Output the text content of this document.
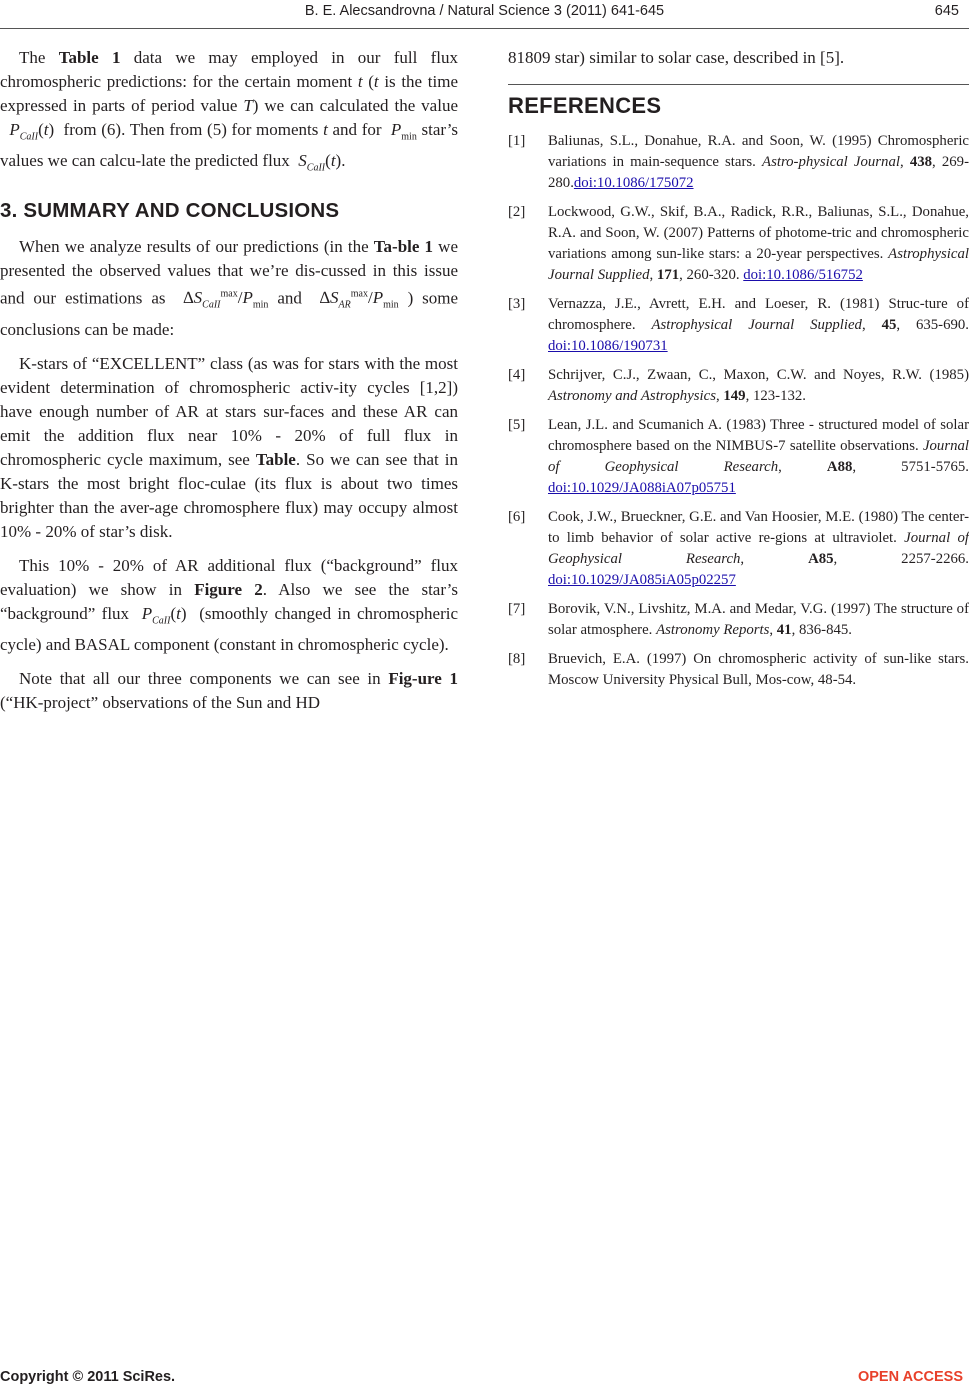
B. E. Alecsandrovna / Natural Science 3 (2011) 641-645	645

The Table 1 data we may employed in our full flux chromospheric predictions: for the certain moment t (t is the time expressed in parts of period value T) we can calculated the value   $P_{CaII}(t)$  from (6). Then from (5) for moments t and for  $P_{min}$ star’s values we can calcu-late the predicted flux  $S_{CaII}(t)$.

3. SUMMARY AND CONCLUSIONS

When we analyze results of our predictions (in the Ta-ble 1 we presented the observed values that we’re dis-cussed in this issue and our estimations as  $\Delta S_{CaII}^{max}/P_{min}$ and  $\Delta S_{AR}^{max}/P_{min}$ ) some conclusions can be made:

K-stars of “EXCELLENT” class (as was for stars with the most evident determination of chromospheric activ-ity cycles [1,2]) have enough number of AR at stars sur-faces and these AR can emit the addition flux near 10% - 20% of full flux in chromospheric cycle maximum, see Table. So we can see that in K-stars the most bright floc-culae (its flux is about two times brighter than the aver-age chromosphere flux) may occupy almost 10% - 20% of star’s disk.

This 10% - 20% of AR additional flux (“background” flux evaluation) we show in Figure 2. Also we see the star’s “background” flux  $P_{CaII}(t)$  (smoothly changed in chromospheric cycle) and BASAL component (constant in chromospheric cycle).

Note that all our three components we can see in Fig-ure 1 (“HK-project” observations of the Sun and HD

81809 star) similar to solar case, described in [5].

REFERENCES
[1] Baliunas, S.L., Donahue, R.A. and Soon, W. (1995) Chromospheric variations in main-sequence stars. Astro-physical Journal, 438, 269-280.doi:10.1086/175072
[2] Lockwood, G.W., Skif, B.A., Radick, R.R., Baliunas, S.L., Donahue, R.A. and Soon, W. (2007) Patterns of photome-tric and chromospheric variations among sun-like stars: a 20-year perspectives. Astrophysical Journal Supplied, 171, 260-320. doi:10.1086/516752
[3] Vernazza, J.E., Avrett, E.H. and Loeser, R. (1981) Struc-ture of chromosphere. Astrophysical Journal Supplied, 45, 635-690. doi:10.1086/190731
[4] Schrijver, C.J., Zwaan, C., Maxon, C.W. and Noyes, R.W. (1985) Astronomy and Astrophysics, 149, 123-132.
[5] Lean, J.L. and Scumanich A. (1983) Three - structured model of solar chromosphere based on the NIMBUS-7 satellite observations. Journal of Geophysical Research, A88, 5751-5765. doi:10.1029/JA088iA07p05751
[6] Cook, J.W., Brueckner, G.E. and Van Hoosier, M.E. (1980) The center-to limb behavior of solar active re-gions at ultraviolet. Journal of Geophysical Research, A85, 2257-2266. doi:10.1029/JA085iA05p02257
[7] Borovik, V.N., Livshitz, M.A. and Medar, V.G. (1997) The structure of solar atmosphere. Astronomy Reports, 41, 836-845.
[8] Bruevich, E.A. (1997) On chromospheric activity of sun-like stars. Moscow University Physical Bull, Mos-cow, 48-54.
Copyright © 2011 SciRes.	OPEN ACCESS
